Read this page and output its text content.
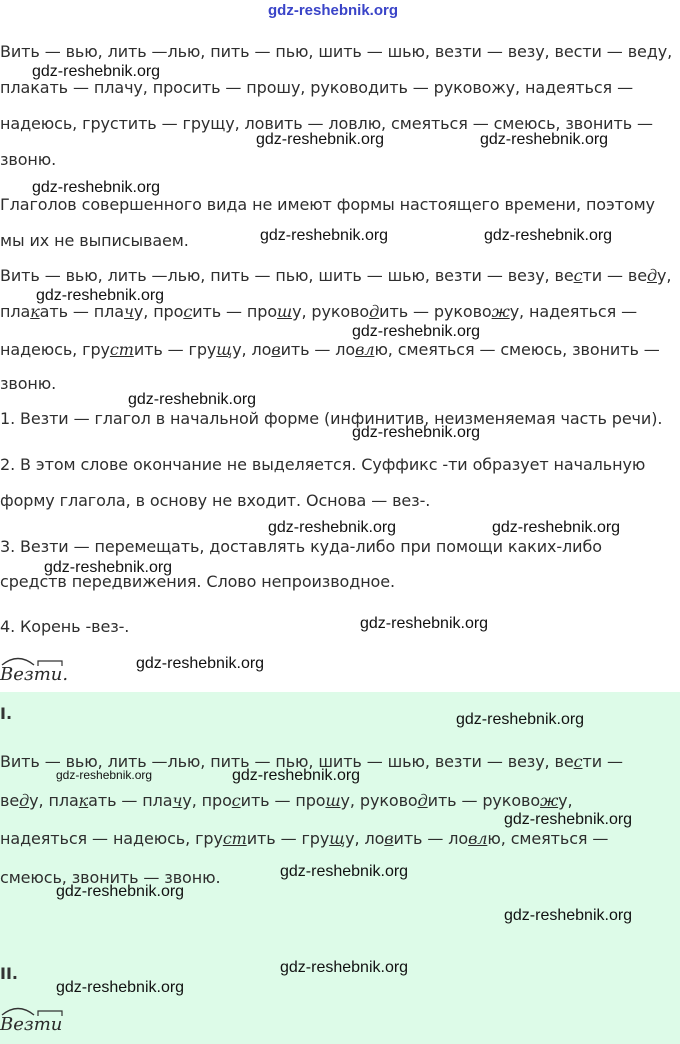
gdz-reshebnik.org
Вить — вью, лить —лью, пить — пью, шить — шью, везти — везу, вести — веду,
плакать — плачу, просить — прошу, руководить — руковожу, надеяться —
надеюсь, грустить — грущу, ловить — ловлю, смеяться — смеюсь, звонить —
звоню.
Глаголов совершенного вида не имеют формы настоящего времени, поэтому
мы их не выписываем.
Вить — вью, лить —лью, пить — пью, шить — шью, везти — везу, вести — веду,
плакать — плачу, просить — прошу, руководить — руковожу, надеяться —
надеюсь, грустить — грущу, ловить — ловлю, смеяться — смеюсь, звонить —
звоню.
1. Везти — глагол в начальной форме (инфинитив, неизменяемая часть речи).
2. В этом слове окончание не выделяется. Суффикс -ти образует начальную
форму глагола, в основу не входит. Основа — вез-.
3. Везти — перемещать, доставлять куда-либо при помощи каких-либо
средств передвижения. Слово непроизводное.
4. Корень -вез-.
Везти.
I.
Вить — вью, лить —лью, пить — пью, шить — шью, везти — везу, вести —
веду, плакать — плачу, просить — прошу, руководить — руковожу,
надеяться — надеюсь, грустить — грущу, ловить — ловлю, смеяться —
смеюсь, звонить — звоню.
II.
Везти
gdz-reshebnik.org
gdz-reshebnik.org	gdz-reshebnik.org
gdz-reshebnik.org
gdz-reshebnik.org	gdz-reshebnik.org
gdz-reshebnik.org
gdz-reshebnik.org
gdz-reshebnik.org
gdz-reshebnik.org
gdz-reshebnik.org	gdz-reshebnik.org
gdz-reshebnik.org
gdz-reshebnik.org
gdz-reshebnik.org
gdz-reshebnik.org
gdz-reshebnik.org	gdz-reshebnik.org
gdz-reshebnik.org
gdz-reshebnik.org
gdz-reshebnik.org
gdz-reshebnik.org
gdz-reshebnik.org
gdz-reshebnik.org
